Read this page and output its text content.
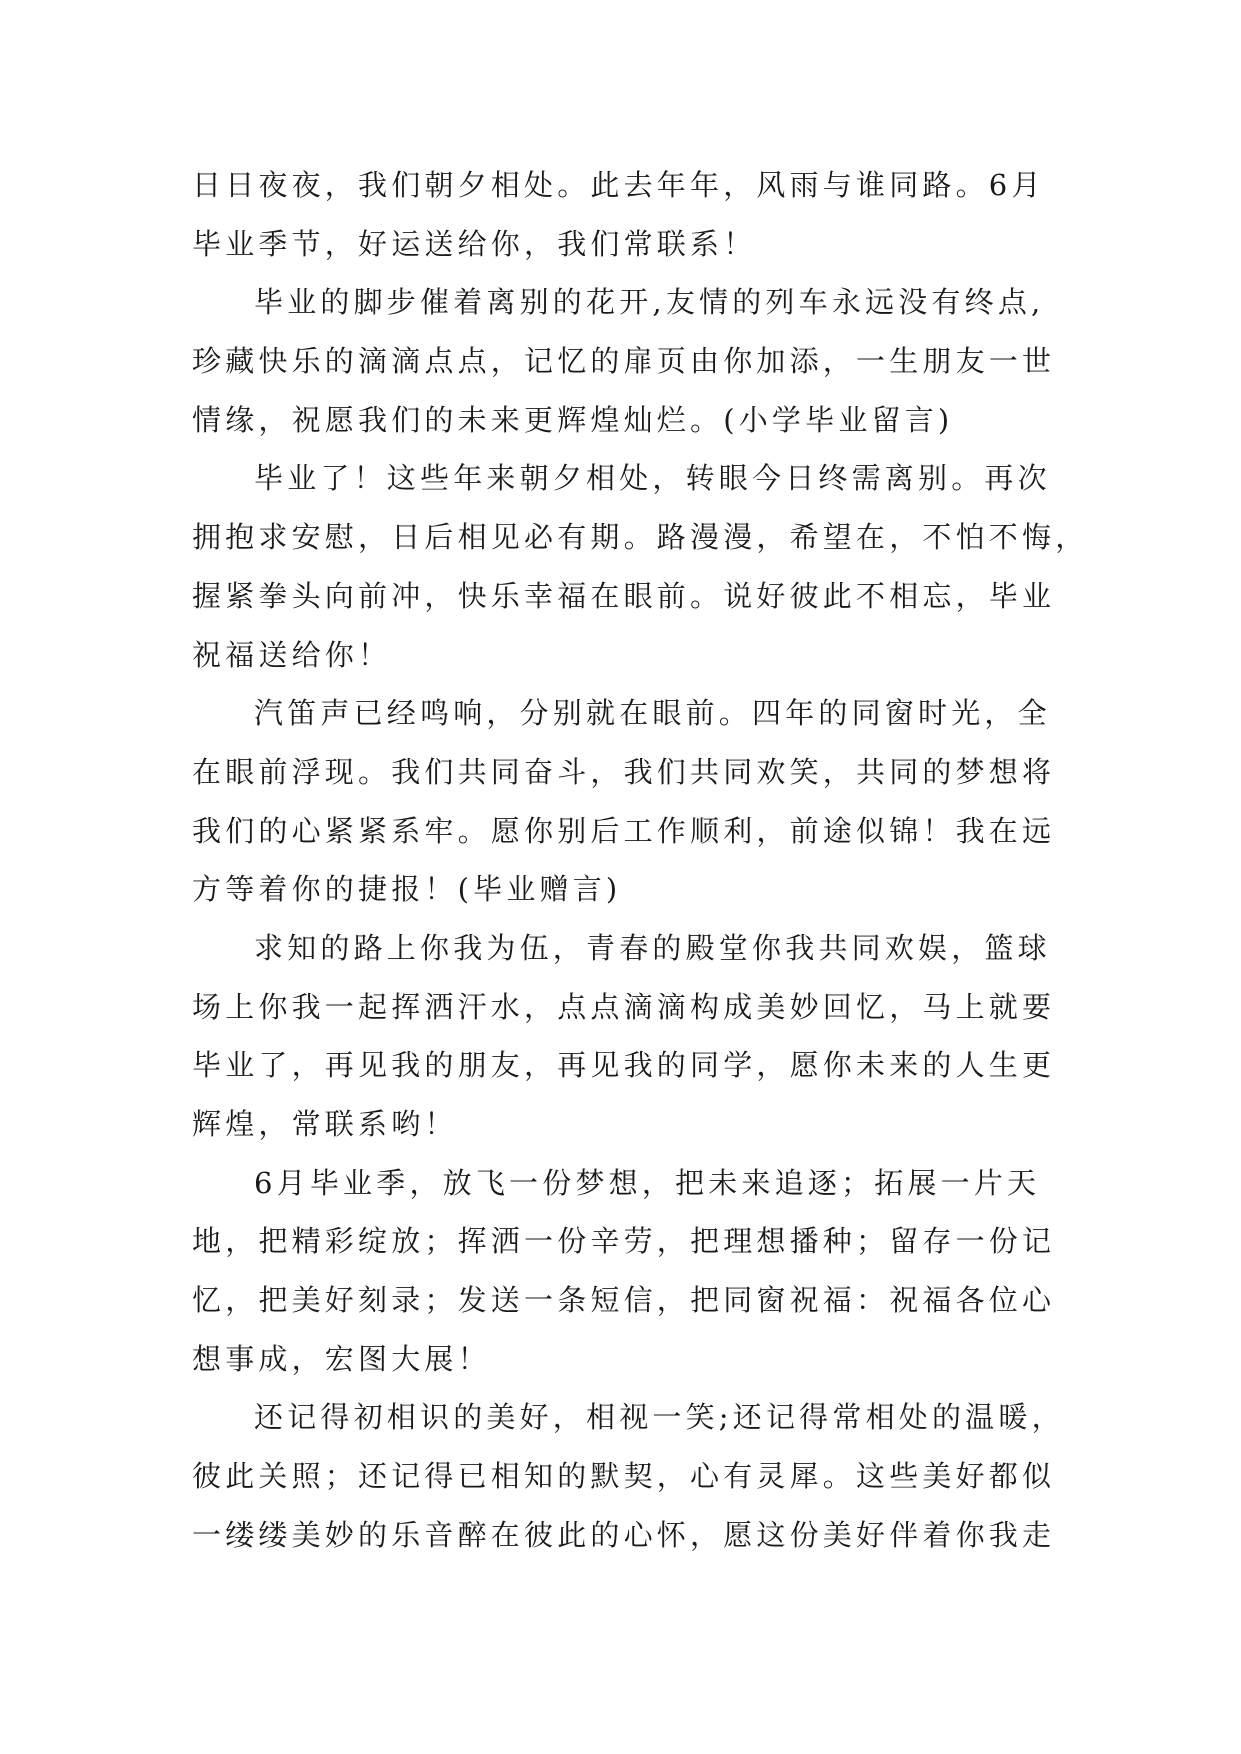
日日夜夜，我们朝夕相处。此去年年，风雨与谁同路。6月
毕业季节，好运送给你，我们常联系！
毕业的脚步催着离别的花开,友情的列车永远没有终点,
珍藏快乐的滴滴点点，记忆的扉页由你加添，一生朋友一世
情缘，祝愿我们的未来更辉煌灿烂。(小学毕业留言)
毕业了！这些年来朝夕相处，转眼今日终需离别。再次
拥抱求安慰，日后相见必有期。路漫漫，希望在，不怕不悔，
握紧拳头向前冲，快乐幸福在眼前。说好彼此不相忘，毕业
祝福送给你！
汽笛声已经鸣响，分别就在眼前。四年的同窗时光，全
在眼前浮现。我们共同奋斗，我们共同欢笑，共同的梦想将
我们的心紧紧系牢。愿你别后工作顺利，前途似锦！我在远
方等着你的捷报！(毕业赠言)
求知的路上你我为伍，青春的殿堂你我共同欢娱，篮球
场上你我一起挥洒汗水，点点滴滴构成美妙回忆，马上就要
毕业了，再见我的朋友，再见我的同学，愿你未来的人生更
辉煌，常联系哟！
6月毕业季，放飞一份梦想，把未来追逐；拓展一片天
地，把精彩绽放；挥洒一份辛劳，把理想播种；留存一份记
忆，把美好刻录；发送一条短信，把同窗祝福：祝福各位心
想事成，宏图大展！
还记得初相识的美好，相视一笑;还记得常相处的温暖，
彼此关照；还记得已相知的默契，心有灵犀。这些美好都似
一缕缕美妙的乐音醉在彼此的心怀，愿这份美好伴着你我走
